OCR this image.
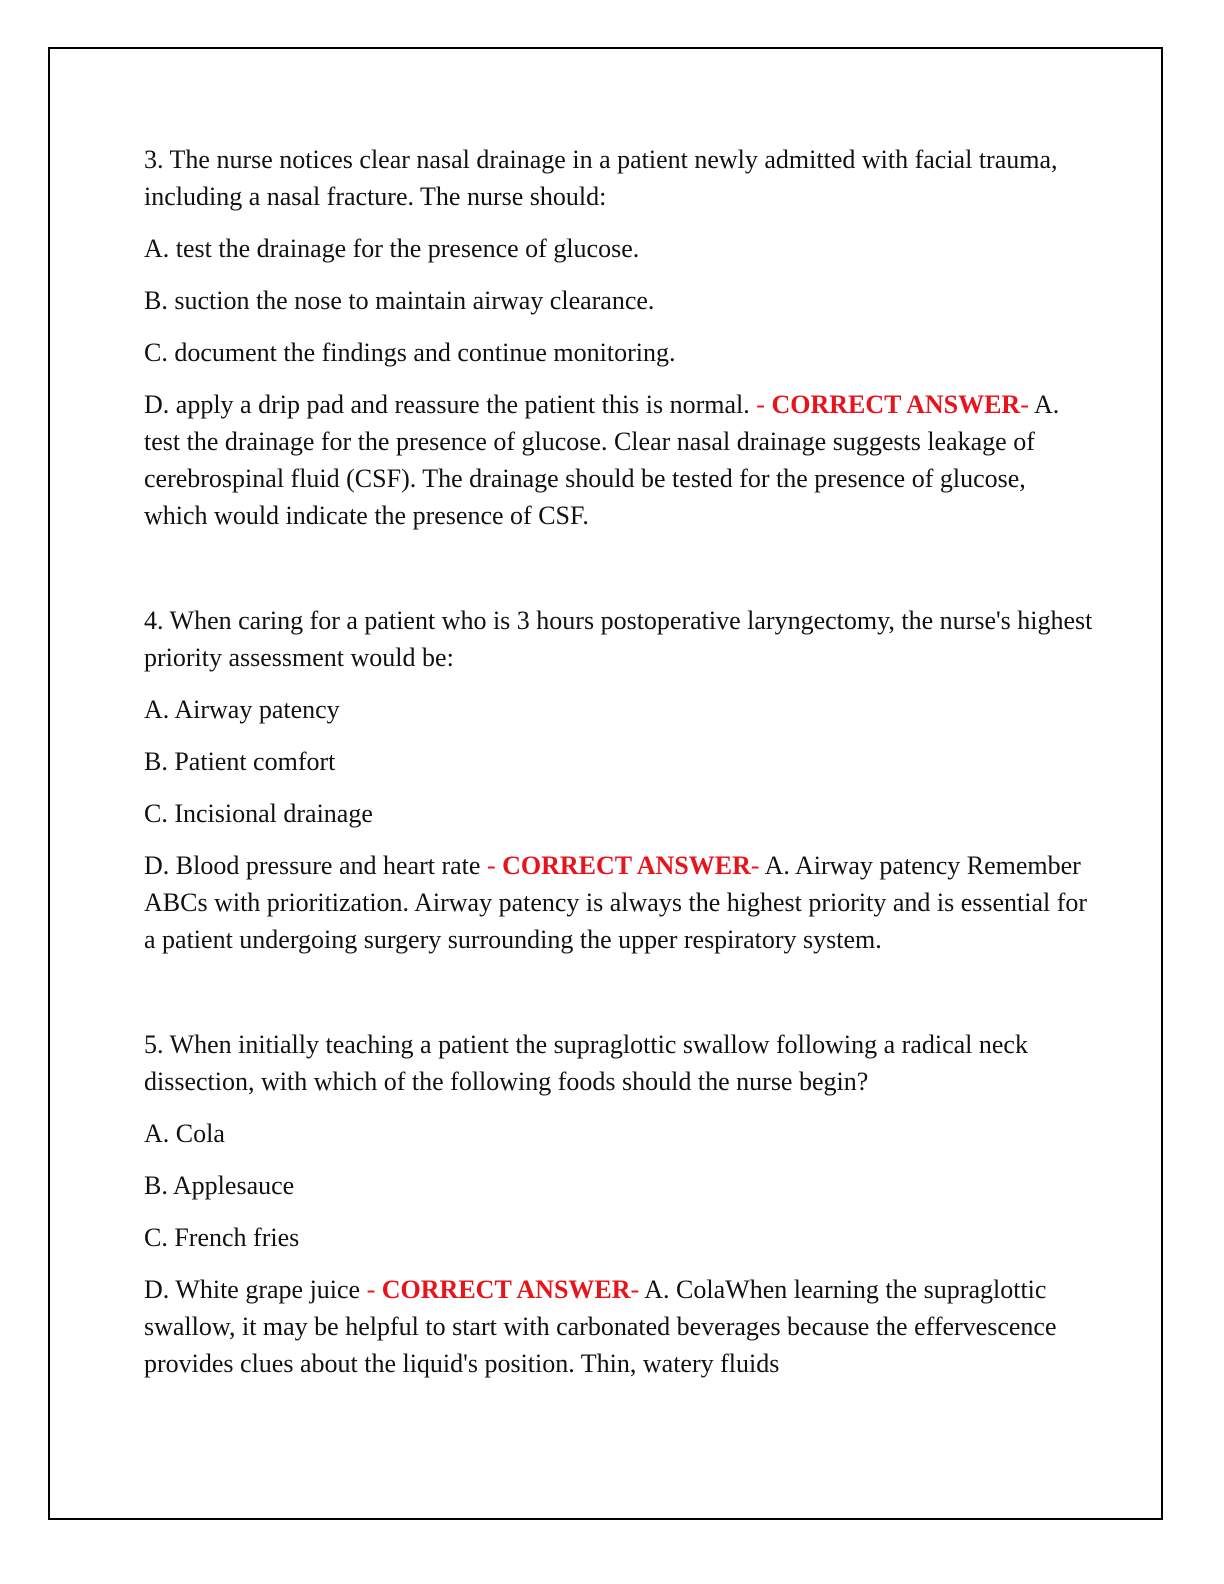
3. The nurse notices clear nasal drainage in a patient newly admitted with facial trauma, including a nasal fracture. The nurse should:

A. test the drainage for the presence of glucose.

B. suction the nose to maintain airway clearance.

C. document the findings and continue monitoring.

D. apply a drip pad and reassure the patient this is normal. - CORRECT ANSWER- A. test the drainage for the presence of glucose. Clear nasal drainage suggests leakage of cerebrospinal fluid (CSF). The drainage should be tested for the presence of glucose, which would indicate the presence of CSF.

4. When caring for a patient who is 3 hours postoperative laryngectomy, the nurse's highest priority assessment would be:

A. Airway patency

B. Patient comfort

C. Incisional drainage

D. Blood pressure and heart rate - CORRECT ANSWER- A. Airway patency Remember ABCs with prioritization. Airway patency is always the highest priority and is essential for a patient undergoing surgery surrounding the upper respiratory system.

5. When initially teaching a patient the supraglottic swallow following a radical neck dissection, with which of the following foods should the nurse begin?

A. Cola

B. Applesauce

C. French fries

D. White grape juice - CORRECT ANSWER- A. ColaWhen learning the supraglottic swallow, it may be helpful to start with carbonated beverages because the effervescence provides clues about the liquid's position. Thin, watery fluids
